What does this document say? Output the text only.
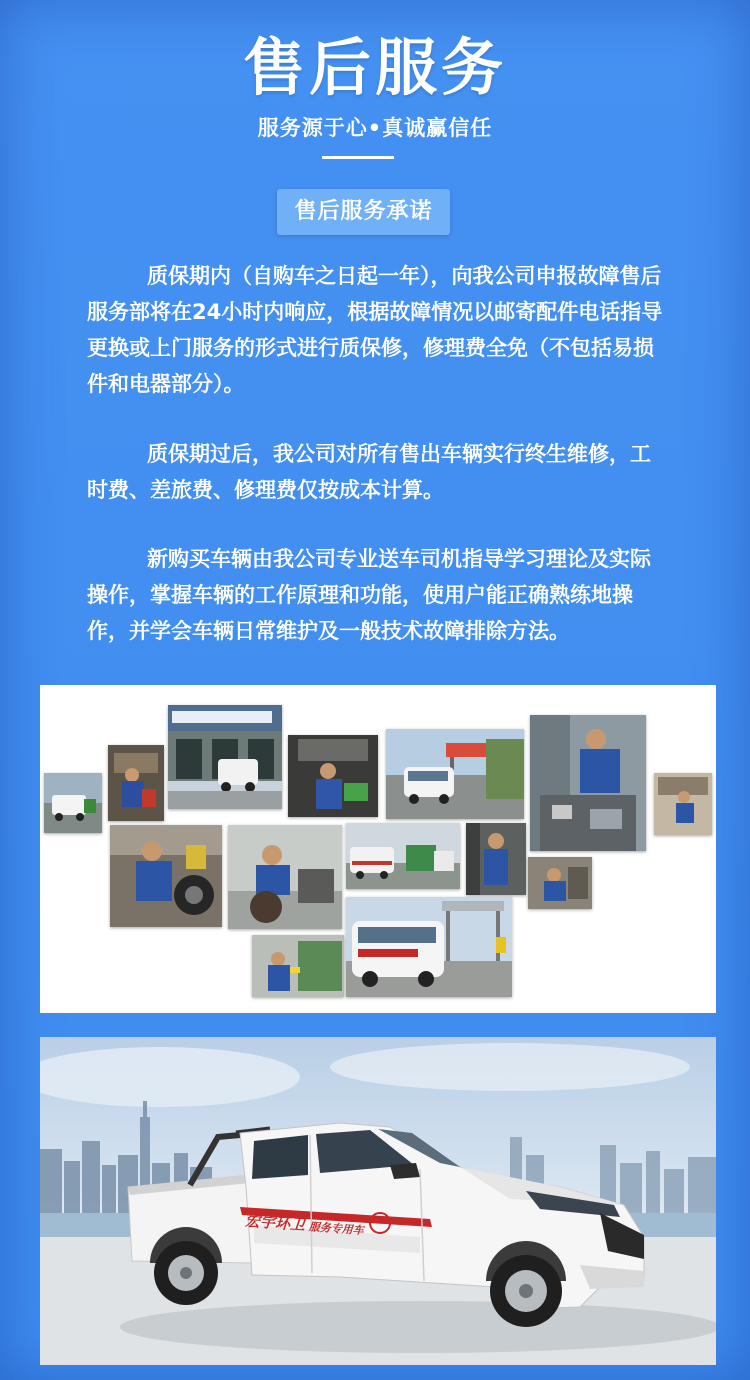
售后服务
服务源于心•真诚赢信任
售后服务承诺

质保期内（自购车之日起一年），向我公司申报故障售后服务部将在24小时内响应，根据故障情况以邮寄配件电话指导更换或上门服务的形式进行质保修，修理费全免（不包括易损件和电器部分）。

质保期过后，我公司对所有售出车辆实行终生维修，工时费、差旅费、修理费仅按成本计算。

新购买车辆由我公司专业送车司机指导学习理论及实际操作，掌握车辆的工作原理和功能，使用户能正确熟练地操作，并学会车辆日常维护及一般技术故障排除方法。

宏宇环卫 服务专用车
